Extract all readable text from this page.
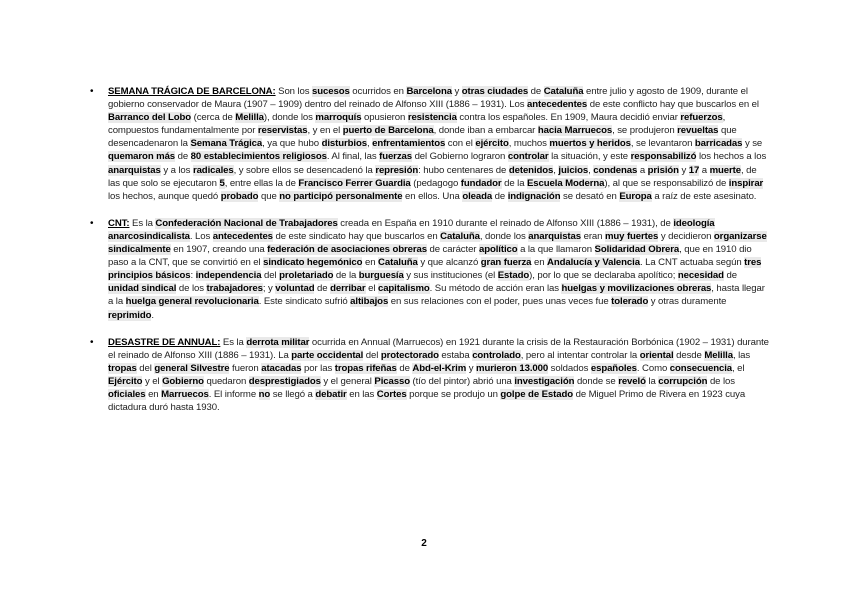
• SEMANA TRÁGICA DE BARCELONA: Son los sucesos ocurridos en Barcelona y otras ciudades de Cataluña entre julio y agosto de 1909, durante el gobierno conservador de Maura (1907 – 1909) dentro del reinado de Alfonso XIII (1886 – 1931). Los antecedentes de este conflicto hay que buscarlos en el Barranco del Lobo (cerca de Melilla), donde los marroquís opusieron resistencia contra los españoles. En 1909, Maura decidió enviar refuerzos, compuestos fundamentalmente por reservistas, y en el puerto de Barcelona, donde iban a embarcar hacia Marruecos, se produjeron revueltas que desencadenaron la Semana Trágica, ya que hubo disturbios, enfrentamientos con el ejército, muchos muertos y heridos, se levantaron barricadas y se quemaron más de 80 establecimientos religiosos. Al final, las fuerzas del Gobierno lograron controlar la situación, y este responsabilizó los hechos a los anarquistas y a los radicales, y sobre ellos se desencadenó la represión: hubo centenares de detenidos, juicios, condenas a prisión y 17 a muerte, de las que solo se ejecutaron 5, entre ellas la de Francisco Ferrer Guardia (pedagogo fundador de la Escuela Moderna), al que se responsabilizó de inspirar los hechos, aunque quedó probado que no participó personalmente en ellos. Una oleada de indignación se desató en Europa a raíz de este asesinato.
• CNT: Es la Confederación Nacional de Trabajadores creada en España en 1910 durante el reinado de Alfonso XIII (1886 – 1931), de ideología anarcosindicalista. Los antecedentes de este sindicato hay que buscarlos en Cataluña, donde los anarquistas eran muy fuertes y decidieron organizarse sindicalmente en 1907, creando una federación de asociaciones obreras de carácter apolítico a la que llamaron Solidaridad Obrera, que en 1910 dio paso a la CNT, que se convirtió en el sindicato hegemónico en Cataluña y que alcanzó gran fuerza en Andalucía y Valencia. La CNT actuaba según tres principios básicos: independencia del proletariado de la burguesía y sus instituciones (el Estado), por lo que se declaraba apolítico; necesidad de unidad sindical de los trabajadores; y voluntad de derribar el capitalismo. Su método de acción eran las huelgas y movilizaciones obreras, hasta llegar a la huelga general revolucionaria. Este sindicato sufrió altibajos en sus relaciones con el poder, pues unas veces fue tolerado y otras duramente reprimido.
• DESASTRE DE ANNUAL: Es la derrota militar ocurrida en Annual (Marruecos) en 1921 durante la crisis de la Restauración Borbónica (1902 – 1931) durante el reinado de Alfonso XIII (1886 – 1931). La parte occidental del protectorado estaba controlado, pero al intentar controlar la oriental desde Melilla, las tropas del general Silvestre fueron atacadas por las tropas rifeñas de Abd-el-Krim y murieron 13.000 soldados españoles. Como consecuencia, el Ejército y el Gobierno quedaron desprestigiados y el general Picasso (tío del pintor) abrió una investigación donde se reveló la corrupción de los oficiales en Marruecos. El informe no se llegó a debatir en las Cortes porque se produjo un golpe de Estado de Miguel Primo de Rivera en 1923 cuya dictadura duró hasta 1930.
2
